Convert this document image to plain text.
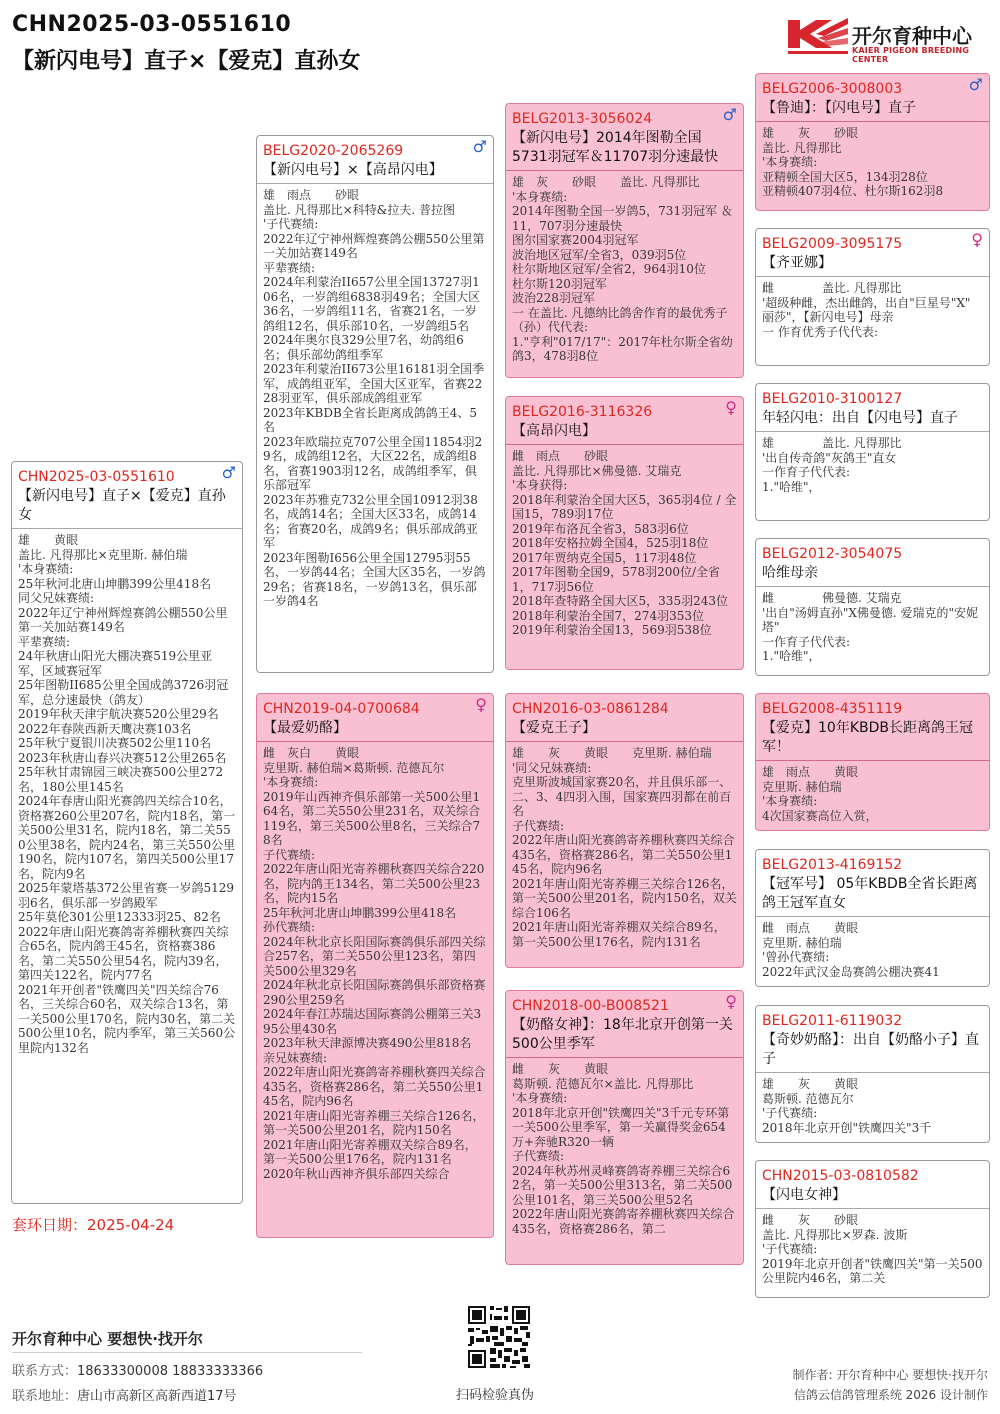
CHN2025-03-0551610
【新闪电号】直子×【爱克】直孙女
开尔育种中心
KAIER PIGEON BREEDING CENTER
CHN2025-03-0551610	♂
【新闪电号】直子×【爱克】直孙女
雄　　黄眼
盖比. 凡得那比×克里斯. 赫伯瑞
'本身赛绩:
25年秋河北唐山坤鹏399公里418名
同父兄妹赛绩:
2022年辽宁神州辉煌赛鸽公棚550公里第一关加站赛149名
平辈赛绩:
24年秋唐山阳光大棚决赛519公里亚军，区域赛冠军
25年图勒II685公里全国成鸽3726羽冠军，总分速最快（鸽友）
2019年秋天津宇航决赛520公里29名
2022年春陕西新天鹰决赛103名
25年秋宁夏银川决赛502公里110名
2023年秋唐山春兴决赛512公里265名
25年秋甘肃锦园三峡决赛500公里272名，180公里145名
2024年春唐山阳光赛鸽四关综合10名，资格赛260公里207名，院内18名，第一关500公里31名，院内18名，第二关550公里38名，院内24名，第三关550公里190名，院内107名，第四关500公里17名，院内9名
2025年蒙塔基372公里省赛一岁鸽5129羽6名，俱乐部一岁鸽殿军
25年莫伦301公里12333羽25、82名
2022年唐山阳光赛鸽寄养棚秋赛四关综合65名，院内鸽王45名，资格赛386名，第二关550公里54名，院内39名，第四关122名，院内77名
2021年开创者"铁鹰四关"四关综合76名，三关综合60名，双关综合13名，第一关500公里170名，院内30名，第二关500公里10名，院内季军，第三关560公里院内132名
套环日期：2025-04-24
BELG2020-2065269	♂
【新闪电号】×【高昂闪电】
雄　雨点　　砂眼
盖比. 凡得那比×科特&拉夫. 普拉图
'子代赛绩:
2022年辽宁神州辉煌赛鸽公棚550公里第一关加站赛149名
平辈赛绩:
2024年利蒙治II657公里全国13727羽106名，一岁鸽组6838羽49名；全国大区36名，一岁鸽组11名，省赛21名，一岁鸽组12名，俱乐部10名，一岁鸽组5名
2024年奥尔良329公里7名，幼鸽组6名；俱乐部幼鸽组季军
2023年利蒙治II673公里16181羽全国季军，成鸽组亚军，全国大区亚军，省赛2228羽亚军，俱乐部成鸽组亚军
2023年KBDB全省长距离成鸽鸽王4、5名
2023年欧瑞拉克707公里全国11854羽29名，成鸽组12名，大区22名，成鸽组8名，省赛1903羽12名，成鸽组季军，俱乐部冠军
2023年苏雅克732公里全国10912羽38名，成鸽14名；全国大区33名，成鸽14名；省赛20名，成鸽9名；俱乐部成鸽亚军
2023年图勒I656公里全国12795羽55名，一岁鸽44名；全国大区35名，一岁鸽29名；省赛18名，一岁鸽13名，俱乐部一岁鸽4名
CHN2019-04-0700684	♀
【最爱奶酪】
雌　灰白　　黄眼
克里斯. 赫伯瑞×葛斯顿. 范德瓦尔
'本身赛绩:
2019年山西神齐俱乐部第一关500公里164名，第二关550公里231名，双关综合119名，第三关500公里8名，三关综合78名
子代赛绩:
2022年唐山阳光寄养棚秋赛四关综合220名，院内鸽王134名，第二关500公里23名，院内15名
25年秋河北唐山坤鹏399公里418名
孙代赛绩:
2024年秋北京长阳国际赛鸽俱乐部四关综合257名，第二关550公里123名，第四关500公里329名
2024年秋北京长阳国际赛鸽俱乐部资格赛290公里259名
2024年春江苏瑞达国际赛鸽公棚第三关395公里430名
2023年秋天津源博决赛490公里818名
亲兄妹赛绩:
2022年唐山阳光赛鸽寄养棚秋赛四关综合435名，资格赛286名，第二关550公里145名，院内96名
2021年唐山阳光寄养棚三关综合126名，第一关500公里201名，院内150名
2021年唐山阳光寄养棚双关综合89名，第一关500公里176名，院内131名
2020年秋山西神齐俱乐部四关综合
BELG2013-3056024	♂
【新闪电号】2014年图勒全国5731羽冠军＆11707羽分速最快
雄　灰　　砂眼　　盖比. 凡得那比
'本身赛绩:
2014年图勒全国一岁鸽5，731羽冠军 ＆ 11，707羽分速最快
图尔国家赛2004羽冠军
波治地区冠军/全省3，039羽5位
杜尔斯地区冠军/全省2，964羽10位
杜尔斯120羽冠军
波治228羽冠军
一 在盖比. 凡德纳比鸽舍作育的最优秀子（孙）代代表:
1."亨利"017/17"：2017年杜尔斯全省幼鸽3，478羽8位
BELG2016-3116326	♀
【高昂闪电】
雌　雨点　　砂眼
盖比. 凡得那比×佛曼德. 艾瑞克
'本身获得:
2018年利蒙治全国大区5，365羽4位 / 全国15，789羽17位
2019年布洛瓦全省3，583羽6位
2018年安格拉姆全国4，525羽18位
2017年贾纳克全国5，117羽48位
2017年图勒全国9，578羽200位/全省1，717羽56位
2018年查特路全国大区5，335羽243位
2018年利蒙治全国7，274羽353位
2019年利蒙治全国13，569羽538位
CHN2016-03-0861284
【爱克王子】
雄　　灰　　黄眼　　克里斯. 赫伯瑞
'同父兄妹赛绩:
克里斯波城国家赛20名，并且俱乐部一、二、3、4四羽入围，国家赛四羽都在前百名
子代赛绩:
2022年唐山阳光赛鸽寄养棚秋赛四关综合435名，资格赛286名，第二关550公里145名，院内96名
2021年唐山阳光寄养棚三关综合126名，第一关500公里201名，院内150名，双关综合106名
2021年唐山阳光寄养棚双关综合89名，第一关500公里176名，院内131名
CHN2018-00-B008521	♀
【奶酪女神】：18年北京开创第一关500公里季军
雌　　灰　　黄眼
葛斯顿. 范德瓦尔×盖比. 凡得那比
'本身赛绩:
2018年北京开创"铁鹰四关"3千元专环第一关500公里季军，第一关赢得奖金654万+奔驰R320一辆
子代赛绩:
2024年秋苏州灵峰赛鸽寄养棚三关综合62名，第一关500公里313名，第二关500公里101名，第三关500公里52名
2022年唐山阳光赛鸽寄养棚秋赛四关综合435名，资格赛286名，第二
BELG2006-3008003	♂
【鲁迪】：【闪电号】直子
雄　　灰　　砂眼
盖比. 凡得那比
'本身赛绩:
亚精顿全国大区5，134羽28位
亚精顿407羽4位、杜尔斯162羽8
BELG2009-3095175	♀
【齐亚娜】
雌　　　　盖比. 凡得那比
'超级种雌，杰出雌鸽，出自"巨星号"X" 丽莎"，【新闪电号】母亲
一 作育优秀子代代表:
BELG2010-3100127
年轻闪电：出自【闪电号】直子
雄　　　　盖比. 凡得那比
'出自传奇鸽"灰鸽王"直女
一作育子代代表:
1."哈维"，
BELG2012-3054075
哈维母亲
雌　　　　佛曼德. 艾瑞克
'出自"汤姆直孙"X佛曼德. 爱瑞克的"安妮塔"
一作育子代代表:
1."哈维"，
BELG2008-4351119
【爱克】10年KBDB长距离鸽王冠军！
雄　雨点　　黄眼
克里斯. 赫伯瑞
'本身赛绩:
4次国家赛高位入赏，
BELG2013-4169152
【冠军号】 05年KBDB全省长距离鸽王冠军直女
雌　雨点　　黄眼
克里斯. 赫伯瑞
'曾孙代赛绩:
2022年武汉金岛赛鸽公棚决赛41
BELG2011-6119032
【奇妙奶酪】：出自【奶酪小子】直子
雄　　灰　　黄眼
葛斯顿. 范德瓦尔
'子代赛绩:
2018年北京开创"铁鹰四关"3千
CHN2015-03-0810582
【闪电女神】
雌　　灰　　砂眼
盖比. 凡得那比×罗森. 波斯
'子代赛绩:
2019年北京开创者"铁鹰四关"第一关500公里院内46名，第二关
开尔育种中心 要想快·找开尔
联系方式：18633300008 18833333366
联系地址：唐山市高新区高新西道17号	扫码检验真伪
制作者: 开尔育种中心 要想快·找开尔
信鸽云信鸽管理系统 2026 设计制作
